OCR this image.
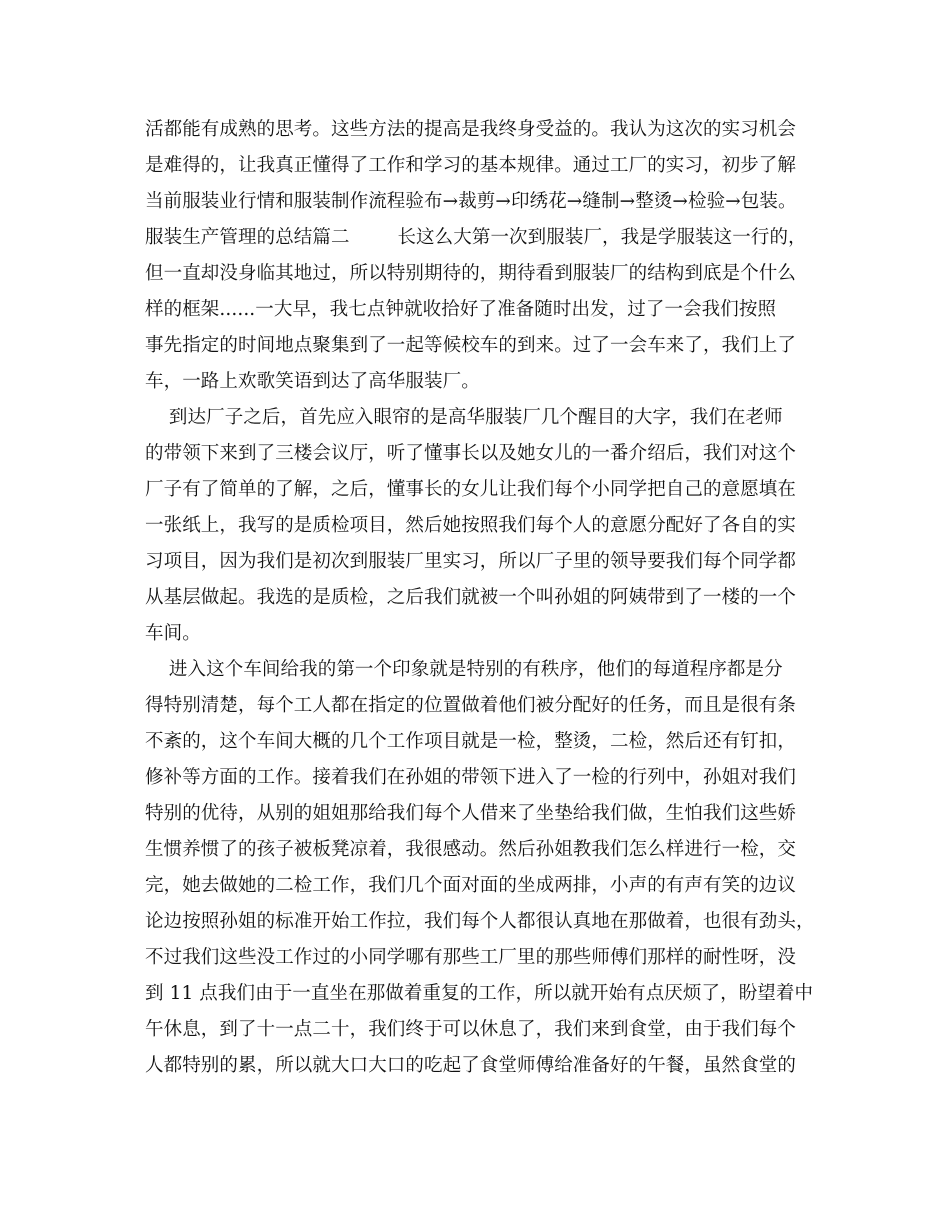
活都能有成熟的思考。这些方法的提高是我终身受益的。我认为这次的实习机会
是难得的，让我真正懂得了工作和学习的基本规律。通过工厂的实习，初步了解
当前服装业行情和服装制作流程验布→裁剪→印绣花→缝制→整烫→检验→包装。
服装生产管理的总结篇二        长这么大第一次到服装厂，我是学服装这一行的，
但一直却没身临其地过，所以特别期待的，期待看到服装厂的结构到底是个什么
样的框架......一大早，我七点钟就收拾好了准备随时出发，过了一会我们按照
事先指定的时间地点聚集到了一起等候校车的到来。过了一会车来了，我们上了
车，一路上欢歌笑语到达了高华服装厂。
到达厂子之后，首先应入眼帘的是高华服装厂几个醒目的大字，我们在老师
的带领下来到了三楼会议厅，听了懂事长以及她女儿的一番介绍后，我们对这个
厂子有了简单的了解，之后，懂事长的女儿让我们每个小同学把自己的意愿填在
一张纸上，我写的是质检项目，然后她按照我们每个人的意愿分配好了各自的实
习项目，因为我们是初次到服装厂里实习，所以厂子里的领导要我们每个同学都
从基层做起。我选的是质检，之后我们就被一个叫孙姐的阿姨带到了一楼的一个
车间。
进入这个车间给我的第一个印象就是特别的有秩序，他们的每道程序都是分
得特别清楚，每个工人都在指定的位置做着他们被分配好的任务，而且是很有条
不紊的，这个车间大概的几个工作项目就是一检，整烫，二检，然后还有钉扣，
修补等方面的工作。接着我们在孙姐的带领下进入了一检的行列中，孙姐对我们
特别的优待，从别的姐姐那给我们每个人借来了坐垫给我们做，生怕我们这些娇
生惯养惯了的孩子被板凳凉着，我很感动。然后孙姐教我们怎么样进行一检，交
完，她去做她的二检工作，我们几个面对面的坐成两排，小声的有声有笑的边议
论边按照孙姐的标准开始工作拉，我们每个人都很认真地在那做着，也很有劲头，
不过我们这些没工作过的小同学哪有那些工厂里的那些师傅们那样的耐性呀，没
到 11 点我们由于一直坐在那做着重复的工作，所以就开始有点厌烦了，盼望着中
午休息，到了十一点二十，我们终于可以休息了，我们来到食堂，由于我们每个
人都特别的累，所以就大口大口的吃起了食堂师傅给准备好的午餐，虽然食堂的
